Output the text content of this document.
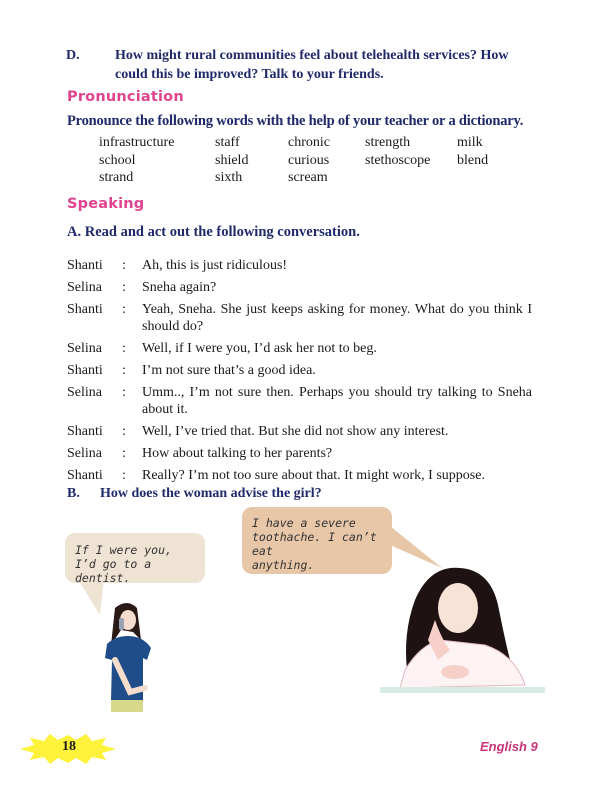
D.	How might rural communities feel about telehealth services? How
could this be improved? Talk to your friends.
Pronunciation
Pronounce the following words with the help of your teacher or a dictionary.
infrastructure	staff	chronic	strength	milk
school	shield	curious	stethoscope	blend
strand	sixth	scream
Speaking
A. Read and act out the following conversation.
Shanti	:	Ah, this is just ridiculous!
Selina	:	Sneha again?
Shanti	:	Yeah, Sneha. She just keeps asking for money. What do you think I should do?
Selina	:	Well, if I were you, I’d ask her not to beg.
Shanti	:	I’m not sure that’s a good idea.
Selina	:	Umm.., I’m not sure then. Perhaps you should try talking to Sneha about it.
Shanti	:	Well, I’ve tried that. But she did not show any interest.
Selina	:	How about talking to her parents?
Shanti	:	Really? I’m not too sure about that. It might work, I suppose.
B. How does the woman advise the girl?
If I were you,
I’d go to a dentist.
I have a severe
toothache. I can’t eat
anything.
18	English 9
